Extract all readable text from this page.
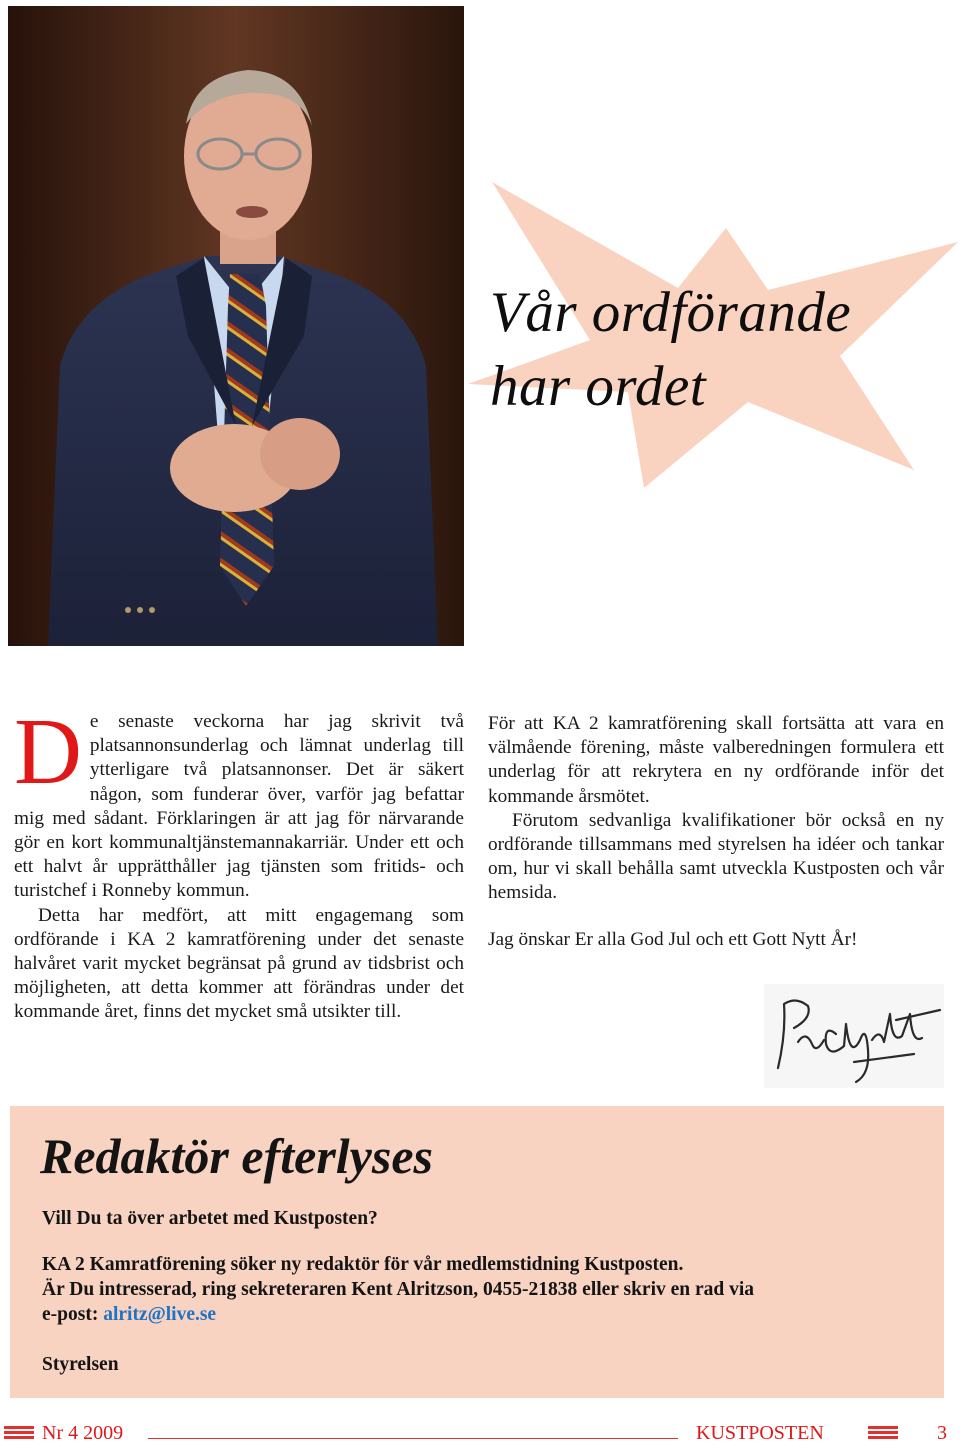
Vår ordförande
har ordet

De senaste veckorna har jag skrivit två platsannonsunderlag och lämnat underlag till ytterligare två platsannonser. Det är säkert någon, som funderar över, varför jag befattar mig med sådant. Förklaringen är att jag för närvarande gör en kort kommunaltjänstemannakarriär. Under ett och ett halvt år upprätthåller jag tjänsten som fritids- och turistchef i Ronneby kommun.

Detta har medfört, att mitt engagemang som ordförande i KA 2 kamratförening under det senaste halvåret varit mycket begränsat på grund av tidsbrist och möjligheten, att detta kommer att förändras under det kommande året, finns det mycket små utsikter till.

För att KA 2 kamratförening skall fortsätta att vara en välmående förening, måste valberedningen formulera ett underlag för att rekrytera en ny ordförande inför det kommande årsmötet.

Förutom sedvanliga kvalifikationer bör också en ny ordförande tillsammans med styrelsen ha idéer och tankar om, hur vi skall behålla samt utveckla Kustposten och vår hemsida.

Jag önskar Er alla God Jul och ett Gott Nytt År!

Redaktör efterlyses

Vill Du ta över arbetet med Kustposten?

KA 2 Kamratförening söker ny redaktör för vår medlemstidning Kustposten.

Är Du intresserad, ring sekreteraren Kent Alritzson, 0455-21838 eller skriv en rad via

e-post: alritz@live.se

Styrelsen

Nr 4 2009	KUSTPOSTEN	3
